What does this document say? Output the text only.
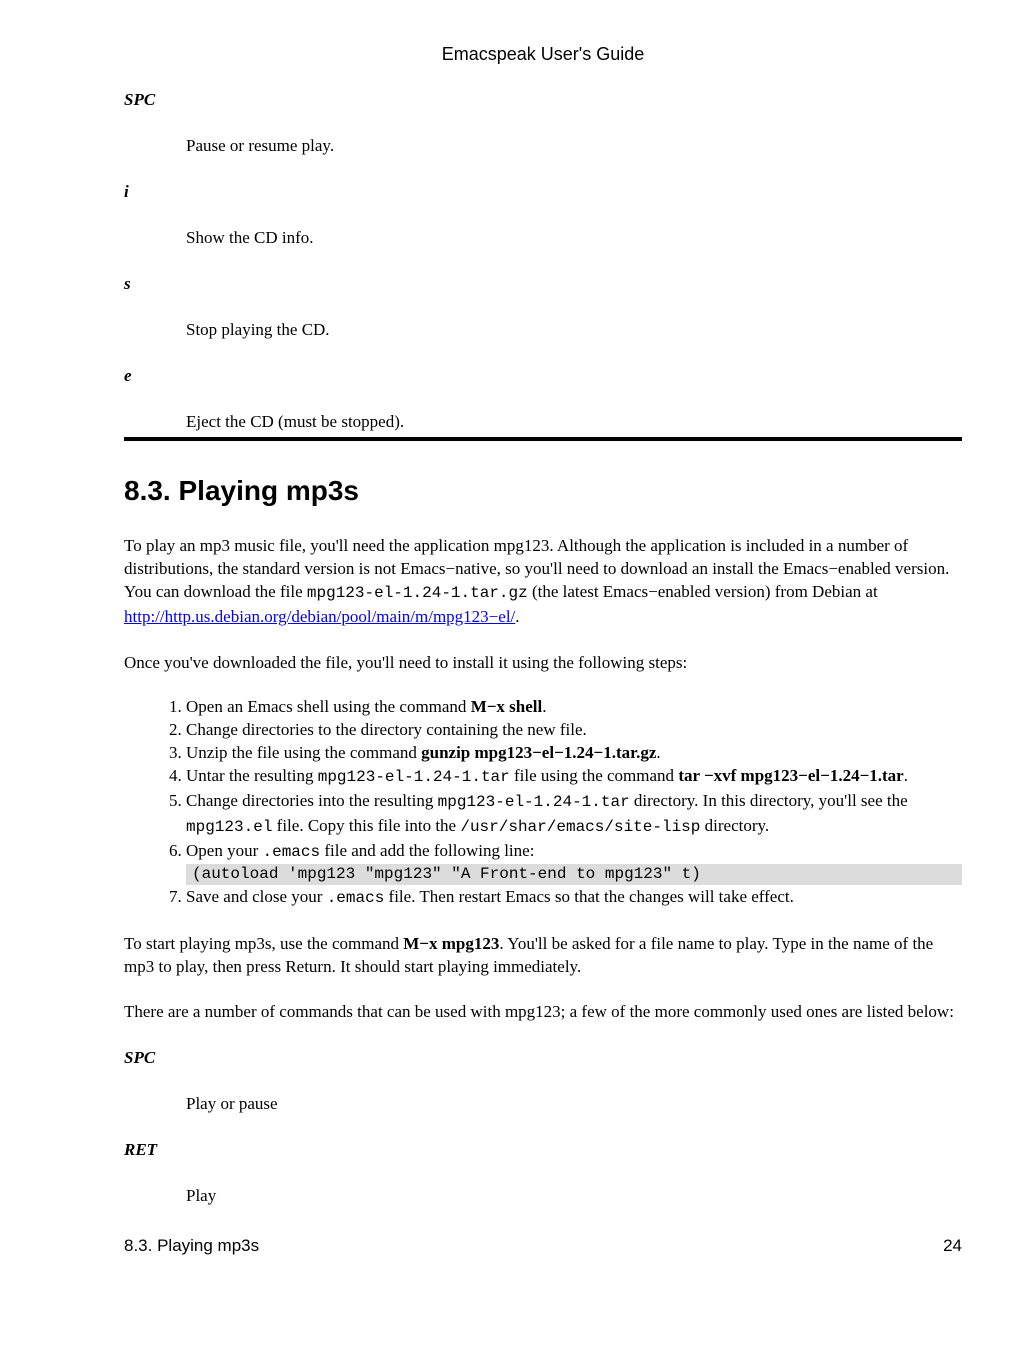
Emacspeak User's Guide
SPC
Pause or resume play.
i
Show the CD info.
s
Stop playing the CD.
e
Eject the CD (must be stopped).
8.3. Playing mp3s

To play an mp3 music file, you'll need the application mpg123. Although the application is included in a number of distributions, the standard version is not Emacs−native, so you'll need to download an install the Emacs−enabled version. You can download the file mpg123-el-1.24-1.tar.gz (the latest Emacs−enabled version) from Debian at http://http.us.debian.org/debian/pool/main/m/mpg123−el/.

Once you've downloaded the file, you'll need to install it using the following steps:

1. Open an Emacs shell using the command M−x shell.
2. Change directories to the directory containing the new file.
3. Unzip the file using the command gunzip mpg123−el−1.24−1.tar.gz.
4. Untar the resulting mpg123-el-1.24-1.tar file using the command tar −xvf mpg123−el−1.24−1.tar.
5. Change directories into the resulting mpg123-el-1.24-1.tar directory. In this directory, you'll see the mpg123.el file. Copy this file into the /usr/shar/emacs/site-lisp directory.
6. Open your .emacs file and add the following line:
(autoload 'mpg123 "mpg123" "A Front-end to mpg123" t)
7. Save and close your .emacs file. Then restart Emacs so that the changes will take effect.

To start playing mp3s, use the command M−x mpg123. You'll be asked for a file name to play. Type in the name of the mp3 to play, then press Return. It should start playing immediately.

There are a number of commands that can be used with mpg123; a few of the more commonly used ones are listed below:

SPC
Play or pause
RET
Play
8.3. Playing mp3s	24
